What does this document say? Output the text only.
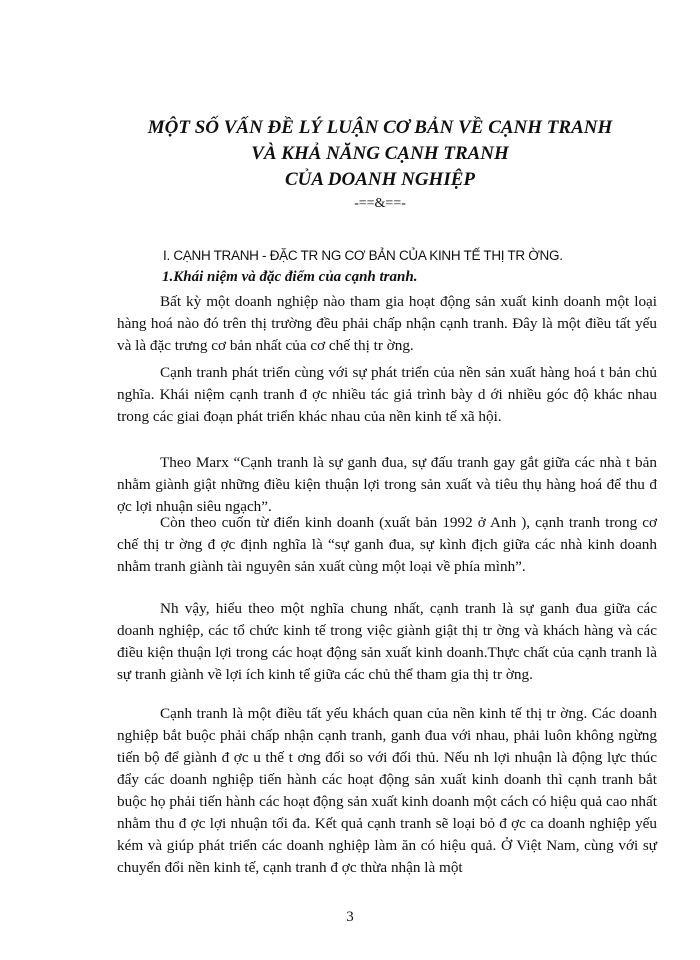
MỘT SỐ VẤN ĐỀ LÝ LUẬN CƠ BẢN VỀ CẠNH TRANH
VÀ KHẢ NĂNG CẠNH TRANH
CỦA DOANH NGHIỆP
-==&==-
I. CẠNH TRANH - ĐẶC TR NG CƠ BẢN CỦA KINH TẾ THỊ TR ỜNG.
1.Khái niệm và đặc điểm của cạnh tranh.

Bất kỳ một doanh nghiệp nào tham gia hoạt động sản xuất kinh doanh một loại hàng hoá nào đó trên thị trường đều phải chấp nhận cạnh tranh. Đây là một điều tất yếu và là đặc trưng cơ bản nhất của cơ chế thị tr ờng.

Cạnh tranh phát triển cùng với sự phát triển của nền sản xuất hàng hoá t bản chủ nghĩa. Khái niệm cạnh tranh đ ợc nhiều tác giả trình bày d ới nhiều góc độ khác nhau trong các giai đoạn phát triển khác nhau của nền kinh tế xã hội.

Theo Marx “Cạnh tranh là sự ganh đua, sự đấu tranh gay gắt giữa các nhà t bản nhằm giành giật những điều kiện thuận lợi trong sản xuất và tiêu thụ hàng hoá để thu đ ợc lợi nhuận siêu ngạch”.

Còn theo cuốn từ điển kinh doanh (xuất bản 1992 ở Anh ), cạnh tranh trong cơ chế thị tr ờng đ ợc định nghĩa là “sự ganh đua, sự kình địch giữa các nhà kinh doanh nhằm tranh giành tài nguyên sản xuất cùng một loại về phía mình”.

Nh vậy, hiểu theo một nghĩa chung nhất, cạnh tranh là sự ganh đua giữa các doanh nghiệp, các tổ chức kinh tế trong việc giành giật thị tr ờng và khách hàng và các điều kiện thuận lợi trong các hoạt động sản xuất kinh doanh.Thực chất của cạnh tranh là sự tranh giành về lợi ích kinh tế giữa các chủ thể tham gia thị tr ờng.

Cạnh tranh là một điều tất yếu khách quan của nền kinh tế thị tr ờng. Các doanh nghiệp bắt buộc phải chấp nhận cạnh tranh, ganh đua với nhau, phải luôn không ngừng tiến bộ để giành đ ợc u thế t ơng đối so với đối thủ. Nếu nh lợi nhuận là động lực thúc đẩy các doanh nghiệp tiến hành các hoạt động sản xuất kinh doanh thì cạnh tranh bắt buộc họ phải tiến hành các hoạt động sản xuất kinh doanh một cách có hiệu quả cao nhất nhằm thu đ ợc lợi nhuận tối đa. Kết quả cạnh tranh sẽ loại bỏ đ ợc ca doanh nghiệp yếu kém và giúp phát triển các doanh nghiệp làm ăn có hiệu quả. Ở Việt Nam, cùng với sự chuyển đổi nền kinh tế, cạnh tranh đ ợc thừa nhận là một

3
